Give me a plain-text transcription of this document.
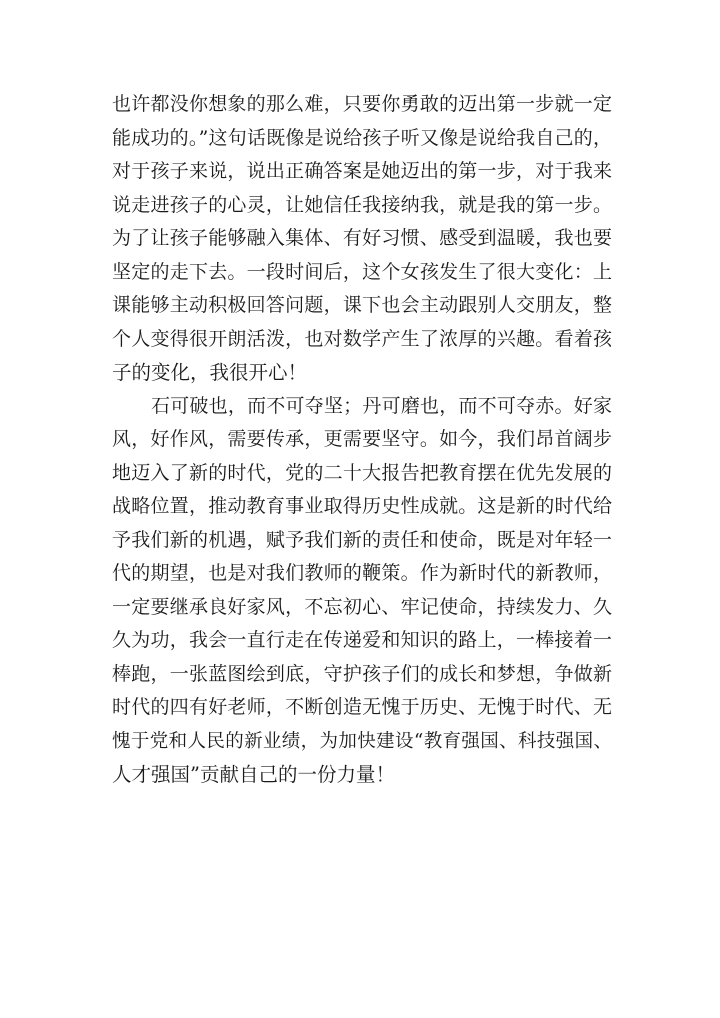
也许都没你想象的那么难，只要你勇敢的迈出第一步就一定
能成功的。”这句话既像是说给孩子听又像是说给我自己的，
对于孩子来说，说出正确答案是她迈出的第一步，对于我来
说走进孩子的心灵，让她信任我接纳我，就是我的第一步。
为了让孩子能够融入集体、有好习惯、感受到温暖，我也要
坚定的走下去。一段时间后，这个女孩发生了很大变化：上
课能够主动积极回答问题，课下也会主动跟别人交朋友，整
个人变得很开朗活泼，也对数学产生了浓厚的兴趣。看着孩
子的变化，我很开心！
石可破也，而不可夺坚；丹可磨也，而不可夺赤。好家
风，好作风，需要传承，更需要坚守。如今，我们昂首阔步
地迈入了新的时代，党的二十大报告把教育摆在优先发展的
战略位置，推动教育事业取得历史性成就。这是新的时代给
予我们新的机遇，赋予我们新的责任和使命，既是对年轻一
代的期望，也是对我们教师的鞭策。作为新时代的新教师，
一定要继承良好家风，不忘初心、牢记使命，持续发力、久
久为功，我会一直行走在传递爱和知识的路上，一棒接着一
棒跑，一张蓝图绘到底，守护孩子们的成长和梦想，争做新
时代的四有好老师，不断创造无愧于历史、无愧于时代、无
愧于党和人民的新业绩，为加快建设“教育强国、科技强国、
人才强国”贡献自己的一份力量！
